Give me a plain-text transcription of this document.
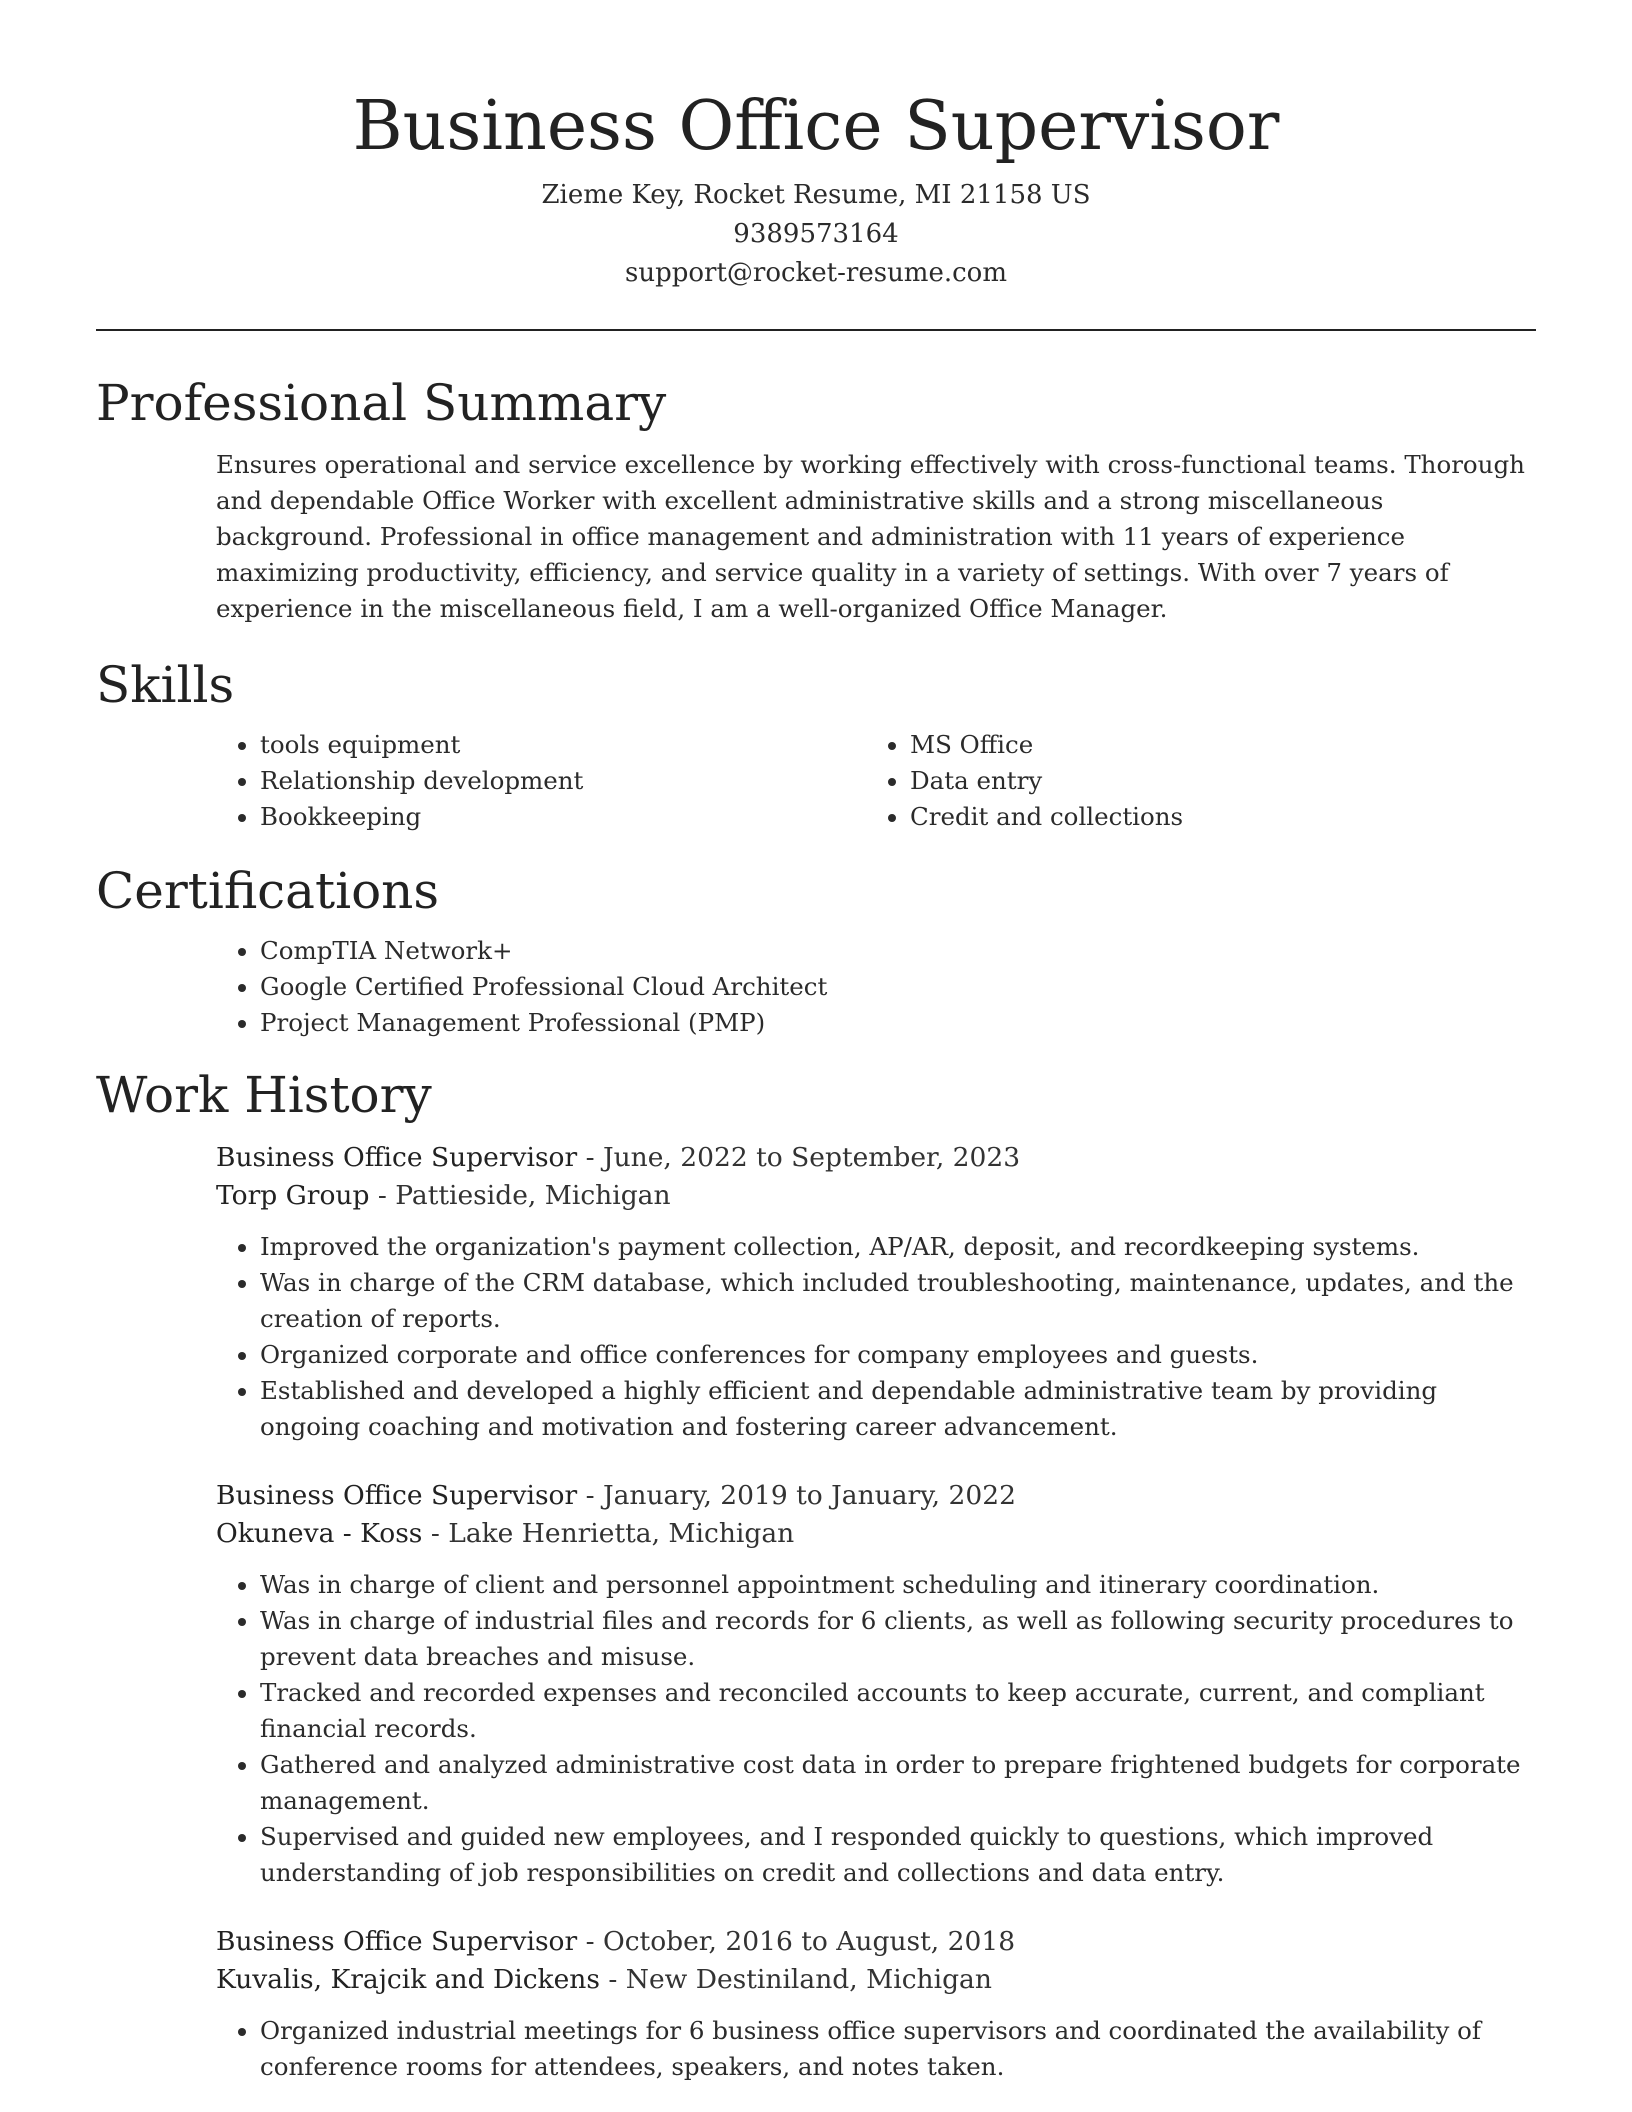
Business Office Supervisor

Zieme Key, Rocket Resume, MI 21158 US

9389573164

support@rocket-resume.com

Professional Summary

Ensures operational and service excellence by working effectively with cross-functional teams. Thorough and dependable Office Worker with excellent administrative skills and a strong miscellaneous background. Professional in office management and administration with 11 years of experience maximizing productivity, efficiency, and service quality in a variety of settings. With over 7 years of experience in the miscellaneous field, I am a well-organized Office Manager.

Skills
• tools equipment
• Relationship development
• Bookkeeping
• MS Office
• Data entry
• Credit and collections
Certifications
• CompTIA Network+
• Google Certified Professional Cloud Architect
• Project Management Professional (PMP)
Work History

Business Office Supervisor - June, 2022 to September, 2023

Torp Group - Pattieside, Michigan

• Improved the organization's payment collection, AP/AR, deposit, and recordkeeping systems.
• Was in charge of the CRM database, which included troubleshooting, maintenance, updates, and the creation of reports.
• Organized corporate and office conferences for company employees and guests.
• Established and developed a highly efficient and dependable administrative team by providing ongoing coaching and motivation and fostering career advancement.

Business Office Supervisor - January, 2019 to January, 2022

Okuneva - Koss - Lake Henrietta, Michigan

• Was in charge of client and personnel appointment scheduling and itinerary coordination.
• Was in charge of industrial files and records for 6 clients, as well as following security procedures to prevent data breaches and misuse.
• Tracked and recorded expenses and reconciled accounts to keep accurate, current, and compliant financial records.
• Gathered and analyzed administrative cost data in order to prepare frightened budgets for corporate management.
• Supervised and guided new employees, and I responded quickly to questions, which improved understanding of job responsibilities on credit and collections and data entry.

Business Office Supervisor - October, 2016 to August, 2018

Kuvalis, Krajcik and Dickens - New Destiniland, Michigan

• Organized industrial meetings for 6 business office supervisors and coordinated the availability of conference rooms for attendees, speakers, and notes taken.
